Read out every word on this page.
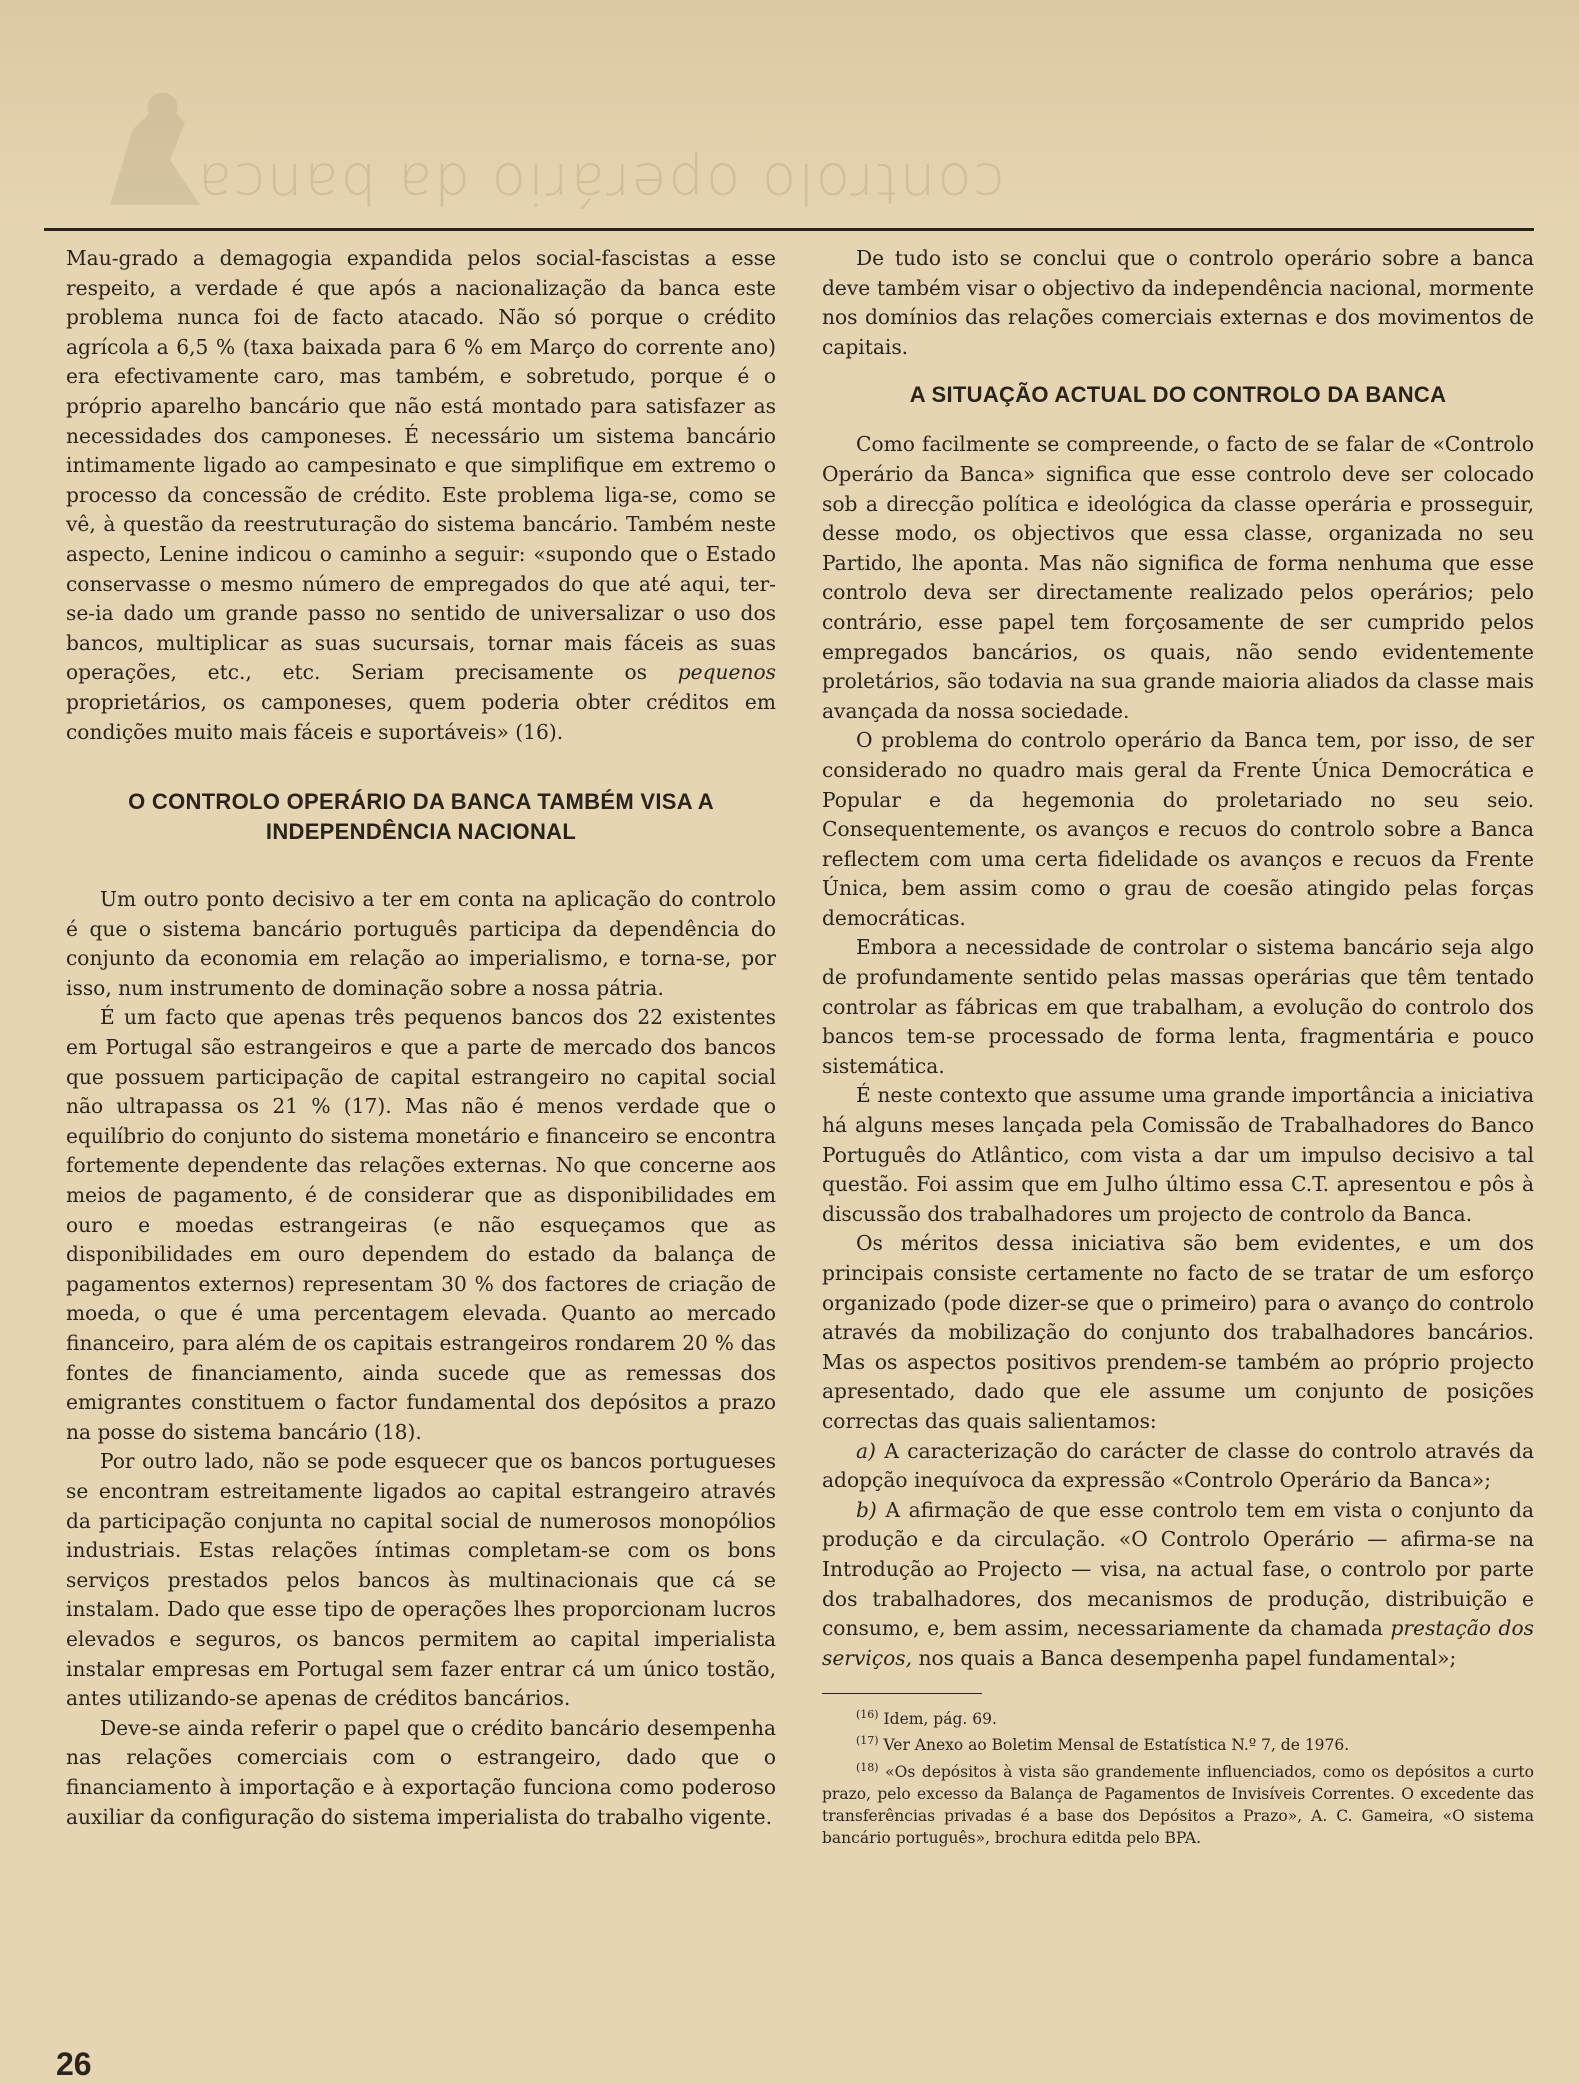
controlo operário da banca

Mau-grado a demagogia expandida pelos social-fascistas a esse respeito, a verdade é que após a nacionalização da banca este problema nunca foi de facto atacado. Não só porque o crédito agrícola a 6,5 % (taxa baixada para 6 % em Março do corrente ano) era efectivamente caro, mas também, e sobretudo, porque é o próprio aparelho bancário que não está montado para satisfazer as necessidades dos camponeses. É necessário um sistema bancário intimamente ligado ao campesinato e que simplifique em extremo o processo da concessão de crédito. Este problema liga-se, como se vê, à questão da reestruturação do sistema bancário. Também neste aspecto, Lenine indicou o caminho a seguir: «supondo que o Estado conservasse o mesmo número de empregados do que até aqui, ter-se-ia dado um grande passo no sentido de universalizar o uso dos bancos, multiplicar as suas sucursais, tornar mais fáceis as suas operações, etc., etc. Seriam precisamente os pequenos proprietários, os camponeses, quem poderia obter créditos em condições muito mais fáceis e suportáveis» (16).

O CONTROLO OPERÁRIO DA BANCA TAMBÉM VISA A INDEPENDÊNCIA NACIONAL

Um outro ponto decisivo a ter em conta na aplicação do controlo é que o sistema bancário português participa da dependência do conjunto da economia em relação ao imperialismo, e torna-se, por isso, num instrumento de dominação sobre a nossa pátria.

É um facto que apenas três pequenos bancos dos 22 existentes em Portugal são estrangeiros e que a parte de mercado dos bancos que possuem participação de capital estrangeiro no capital social não ultrapassa os 21 % (17). Mas não é menos verdade que o equilíbrio do conjunto do sistema monetário e financeiro se encontra fortemente dependente das relações externas. No que concerne aos meios de pagamento, é de considerar que as disponibilidades em ouro e moedas estrangeiras (e não esqueçamos que as disponibilidades em ouro dependem do estado da balança de pagamentos externos) representam 30 % dos factores de criação de moeda, o que é uma percentagem elevada. Quanto ao mercado financeiro, para além de os capitais estrangeiros rondarem 20 % das fontes de financiamento, ainda sucede que as remessas dos emigrantes constituem o factor fundamental dos depósitos a prazo na posse do sistema bancário (18).

Por outro lado, não se pode esquecer que os bancos portugueses se encontram estreitamente ligados ao capital estrangeiro através da participação conjunta no capital social de numerosos monopólios industriais. Estas relações íntimas completam-se com os bons serviços prestados pelos bancos às multinacionais que cá se instalam. Dado que esse tipo de operações lhes proporcionam lucros elevados e seguros, os bancos permitem ao capital imperialista instalar empresas em Portugal sem fazer entrar cá um único tostão, antes utilizando-se apenas de créditos bancários.

Deve-se ainda referir o papel que o crédito bancário desempenha nas relações comerciais com o estrangeiro, dado que o financiamento à importação e à exportação funciona como poderoso auxiliar da configuração do sistema imperialista do trabalho vigente.

De tudo isto se conclui que o controlo operário sobre a banca deve também visar o objectivo da independência nacional, mormente nos domínios das relações comerciais externas e dos movimentos de capitais.

A SITUAÇÃO ACTUAL DO CONTROLO DA BANCA

Como facilmente se compreende, o facto de se falar de «Controlo Operário da Banca» significa que esse controlo deve ser colocado sob a direcção política e ideológica da classe operária e prosseguir, desse modo, os objectivos que essa classe, organizada no seu Partido, lhe aponta. Mas não significa de forma nenhuma que esse controlo deva ser directamente realizado pelos operários; pelo contrário, esse papel tem forçosamente de ser cumprido pelos empregados bancários, os quais, não sendo evidentemente proletários, são todavia na sua grande maioria aliados da classe mais avançada da nossa sociedade.

O problema do controlo operário da Banca tem, por isso, de ser considerado no quadro mais geral da Frente Única Democrática e Popular e da hegemonia do proletariado no seu seio. Consequentemente, os avanços e recuos do controlo sobre a Banca reflectem com uma certa fidelidade os avanços e recuos da Frente Única, bem assim como o grau de coesão atingido pelas forças democráticas.

Embora a necessidade de controlar o sistema bancário seja algo de profundamente sentido pelas massas operárias que têm tentado controlar as fábricas em que trabalham, a evolução do controlo dos bancos tem-se processado de forma lenta, fragmentária e pouco sistemática.

É neste contexto que assume uma grande importância a iniciativa há alguns meses lançada pela Comissão de Trabalhadores do Banco Português do Atlântico, com vista a dar um impulso decisivo a tal questão. Foi assim que em Julho último essa C.T. apresentou e pôs à discussão dos trabalhadores um projecto de controlo da Banca.

Os méritos dessa iniciativa são bem evidentes, e um dos principais consiste certamente no facto de se tratar de um esforço organizado (pode dizer-se que o primeiro) para o avanço do controlo através da mobilização do conjunto dos trabalhadores bancários. Mas os aspectos positivos prendem-se também ao próprio projecto apresentado, dado que ele assume um conjunto de posições correctas das quais salientamos:

a) A caracterização do carácter de classe do controlo através da adopção inequívoca da expressão «Controlo Operário da Banca»;

b) A afirmação de que esse controlo tem em vista o conjunto da produção e da circulação. «O Controlo Operário — afirma-se na Introdução ao Projecto — visa, na actual fase, o controlo por parte dos trabalhadores, dos mecanismos de produção, distribuição e consumo, e, bem assim, necessariamente da chamada prestação dos serviços, nos quais a Banca desempenha papel fundamental»;

$^{(16)}$ Idem, pág. 69.

$^{(17)}$ Ver Anexo ao Boletim Mensal de Estatística N.º 7, de 1976.

$^{(18)}$ «Os depósitos à vista são grandemente influenciados, como os depósitos a curto prazo, pelo excesso da Balança de Pagamentos de Invisíveis Correntes. O excedente das transferências privadas é a base dos Depósitos a Prazo», A. C. Gameira, «O sistema bancário português», brochura editda pelo BPA.

26
